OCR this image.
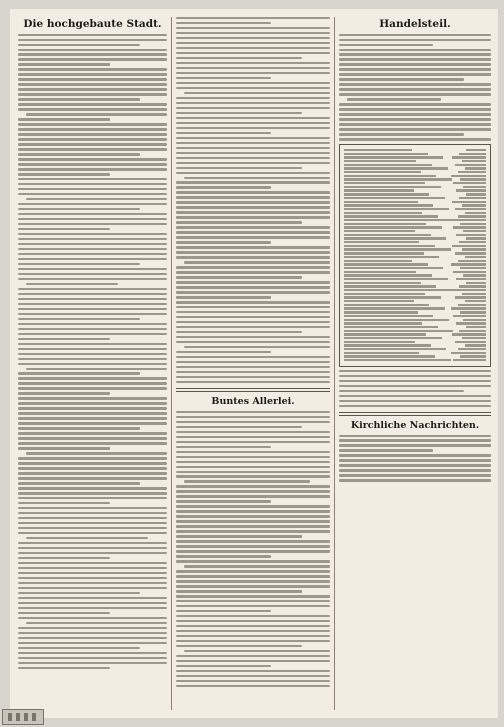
Die hochgebaute Stadt.
Buntes Allerlei.
Handelsteil.
Kirchliche Nachrichten.
